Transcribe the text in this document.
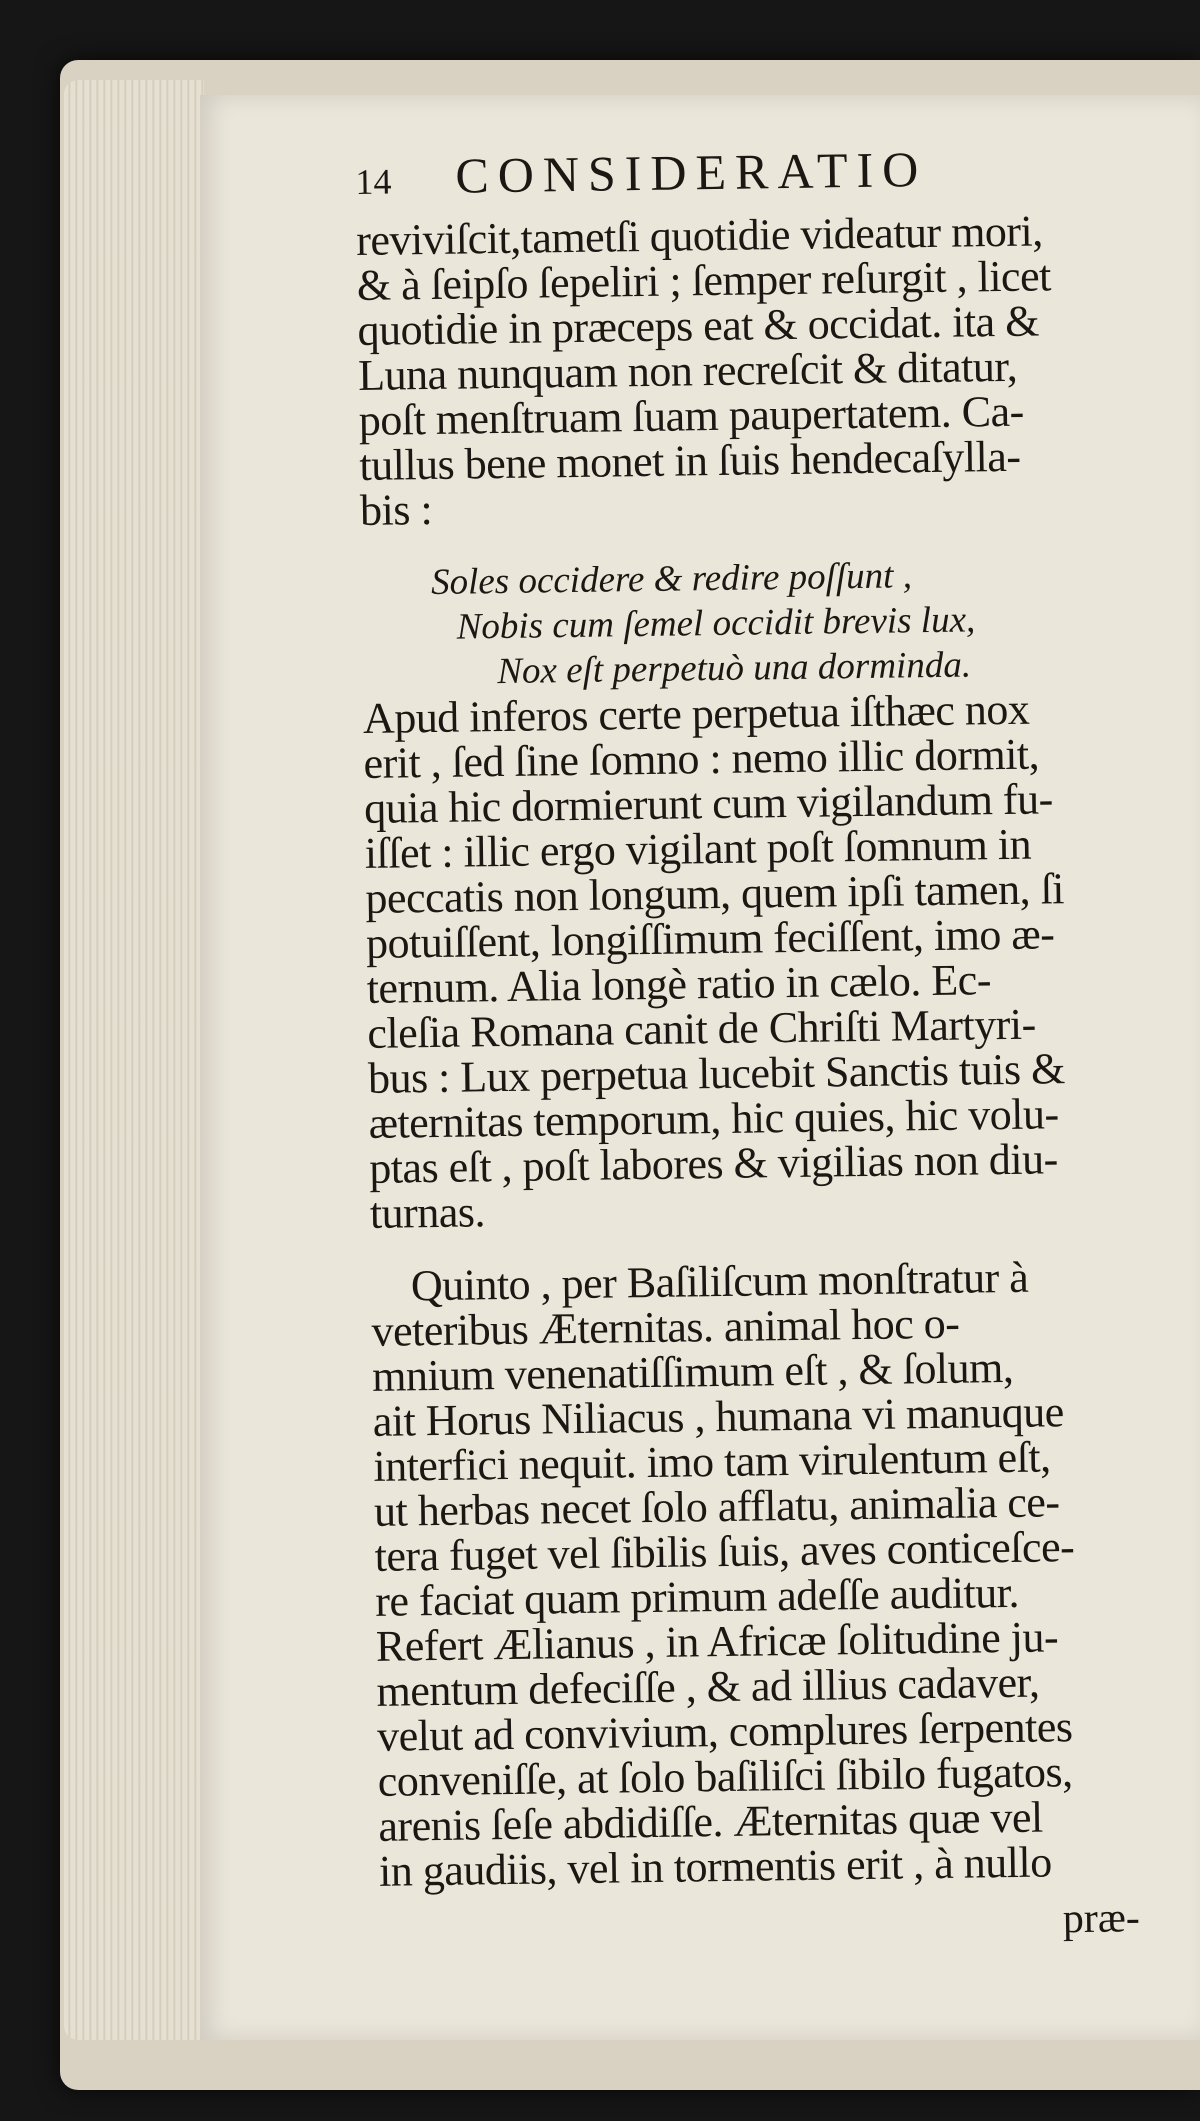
14	CONSIDERATIO
reviviſcit,tametſi quotidie videatur mori,
& à ſeipſo ſepeliri ; ſemper reſurgit , licet
quotidie in præceps eat & occidat. ita &
Luna nunquam non recreſcit & ditatur,
poſt menſtruam ſuam paupertatem. Ca-
tullus bene monet in ſuis hendecaſylla-
bis :
Soles occidere & redire poſſunt ,
Nobis cum ſemel occidit brevis lux,
Nox eſt perpetuò una dorminda.
Apud inferos certe perpetua iſthæc nox
erit , ſed ſine ſomno : nemo illic dormit,
quia hic dormierunt cum vigilandum fu-
iſſet : illic ergo vigilant poſt ſomnum in
peccatis non longum, quem ipſi tamen, ſi
potuiſſent, longiſſimum feciſſent, imo æ-
ternum. Alia longè ratio in cælo. Ec-
cleſia Romana canit de Chriſti Martyri-
bus : Lux perpetua lucebit Sanctis tuis &
æternitas temporum, hic quies, hic volu-
ptas eſt , poſt labores & vigilias non diu-
turnas.
Quinto , per Baſiliſcum monſtratur à
veteribus Æternitas. animal hoc o-
mnium venenatiſſimum eſt , & ſolum,
ait Horus Niliacus , humana vi manuque
interfici nequit. imo tam virulentum eſt,
ut herbas necet ſolo afflatu, animalia ce-
tera fuget vel ſibilis ſuis, aves conticeſce-
re faciat quam primum adeſſe auditur.
Refert Ælianus , in Africæ ſolitudine ju-
mentum defeciſſe , & ad illius cadaver,
velut ad convivium, complures ſerpentes
conveniſſe, at ſolo baſiliſci ſibilo fugatos,
arenis ſeſe abdidiſſe. Æternitas quæ vel
in gaudiis, vel in tormentis erit , à nullo
præ-
